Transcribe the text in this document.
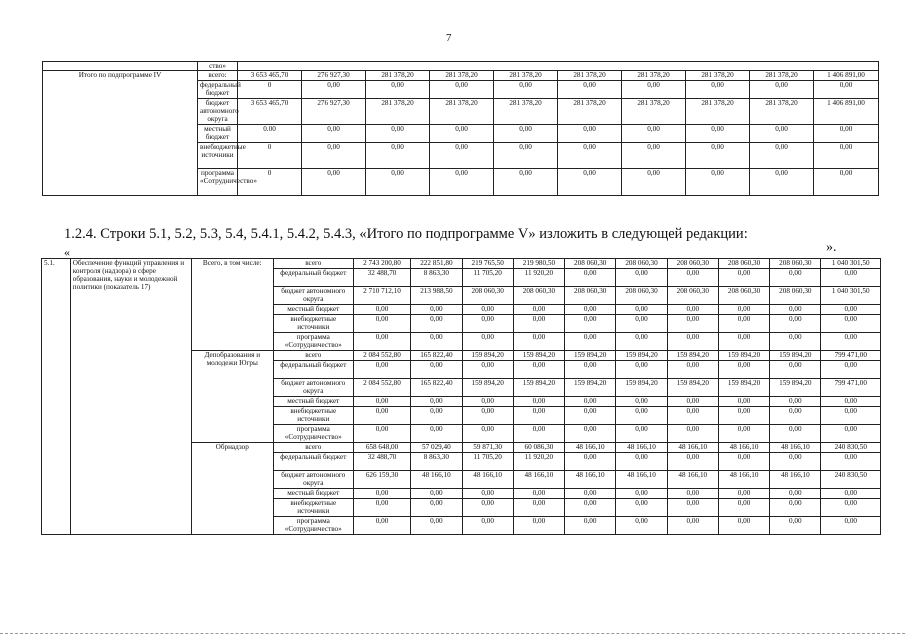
7
	ство»										
Итого по подпрограмме IV	всего:	3 653 465,70	276 927,30	281 378,20	281 378,20	281 378,20	281 378,20	281 378,20	281 378,20	281 378,20	1 406 891,00
	федеральный бюджет	0	0,00	0,00	0,00	0,00	0,00	0,00	0,00	0,00	0,00
	бюджет автономного округа	3 653 465,70	276 927,30	281 378,20	281 378,20	281 378,20	281 378,20	281 378,20	281 378,20	281 378,20	1 406 891,00
	местный бюджет	0.00	0,00	0,00	0,00	0,00	0,00	0,00	0,00	0,00	0,00
	внебюджетные источники	0	0,00	0,00	0,00	0,00	0,00	0,00	0,00	0,00	0,00
	программа «Сотрудничество»	0	0,00	0,00	0,00	0,00	0,00	0,00	0,00	0,00	0,00
1.2.4. Строки 5.1, 5.2, 5.3, 5.4, 5.4.1, 5.4.2, 5.4.3, «Итого по подпрограмме V» изложить в следующей редакции:
».
«
5.1.	Обеспечение функций управления и контроля (надзора) в сфере образования, науки и молодежной политики (показатель 17)	Всего, в том числе:	всего	2 743 200,80	222 851,80	219 765,50	219 980,50	208 060,30	208 060,30	208 060,30	208 060,30	208 060,30	1 040 301,50
			федеральный бюджет	32 488,70	8 863,30	11 705,20	11 920,20	0,00	0,00	0,00	0,00	0,00	0,00
			бюджет автономного округа	2 710 712,10	213 988,50	208 060,30	208 060,30	208 060,30	208 060,30	208 060,30	208 060,30	208 060,30	1 040 301,50
			местный бюджет	0,00	0,00	0,00	0,00	0,00	0,00	0,00	0,00	0,00	0,00
			внебюджетные источники	0,00	0,00	0,00	0,00	0,00	0,00	0,00	0,00	0,00	0,00
			программа «Сотрудничество»	0,00	0,00	0,00	0,00	0,00	0,00	0,00	0,00	0,00	0,00
		Депобразования и молодежи Югры	всего	2 084 552,80	165 822,40	159 894,20	159 894,20	159 894,20	159 894,20	159 894,20	159 894,20	159 894,20	799 471,00
			федеральный бюджет	0,00	0,00	0,00	0,00	0,00	0,00	0,00	0,00	0,00	0,00
			бюджет автономного округа	2 084 552,80	165 822,40	159 894,20	159 894,20	159 894,20	159 894,20	159 894,20	159 894,20	159 894,20	799 471,00
			местный бюджет	0,00	0,00	0,00	0,00	0,00	0,00	0,00	0,00	0,00	0,00
			внебюджетные источники	0,00	0,00	0,00	0,00	0,00	0,00	0,00	0,00	0,00	0,00
			программа «Сотрудничество»	0,00	0,00	0,00	0,00	0,00	0,00	0,00	0,00	0,00	0,00
		Обрнадзор	всего	658 648,00	57 029,40	59 871,30	60 086,30	48 166,10	48 166,10	48 166,10	48 166,10	48 166,10	240 830,50
			федеральный бюджет	32 488,70	8 863,30	11 705,20	11 920,20	0,00	0,00	0,00	0,00	0,00	0,00
			бюджет автономного округа	626 159,30	48 166,10	48 166,10	48 166,10	48 166,10	48 166,10	48 166,10	48 166,10	48 166,10	240 830,50
			местный бюджет	0,00	0,00	0,00	0,00	0,00	0,00	0,00	0,00	0,00	0,00
			внебюджетные источники	0,00	0,00	0,00	0,00	0,00	0,00	0,00	0,00	0,00	0,00
			программа «Сотрудничество»	0,00	0,00	0,00	0,00	0,00	0,00	0,00	0,00	0,00	0,00
